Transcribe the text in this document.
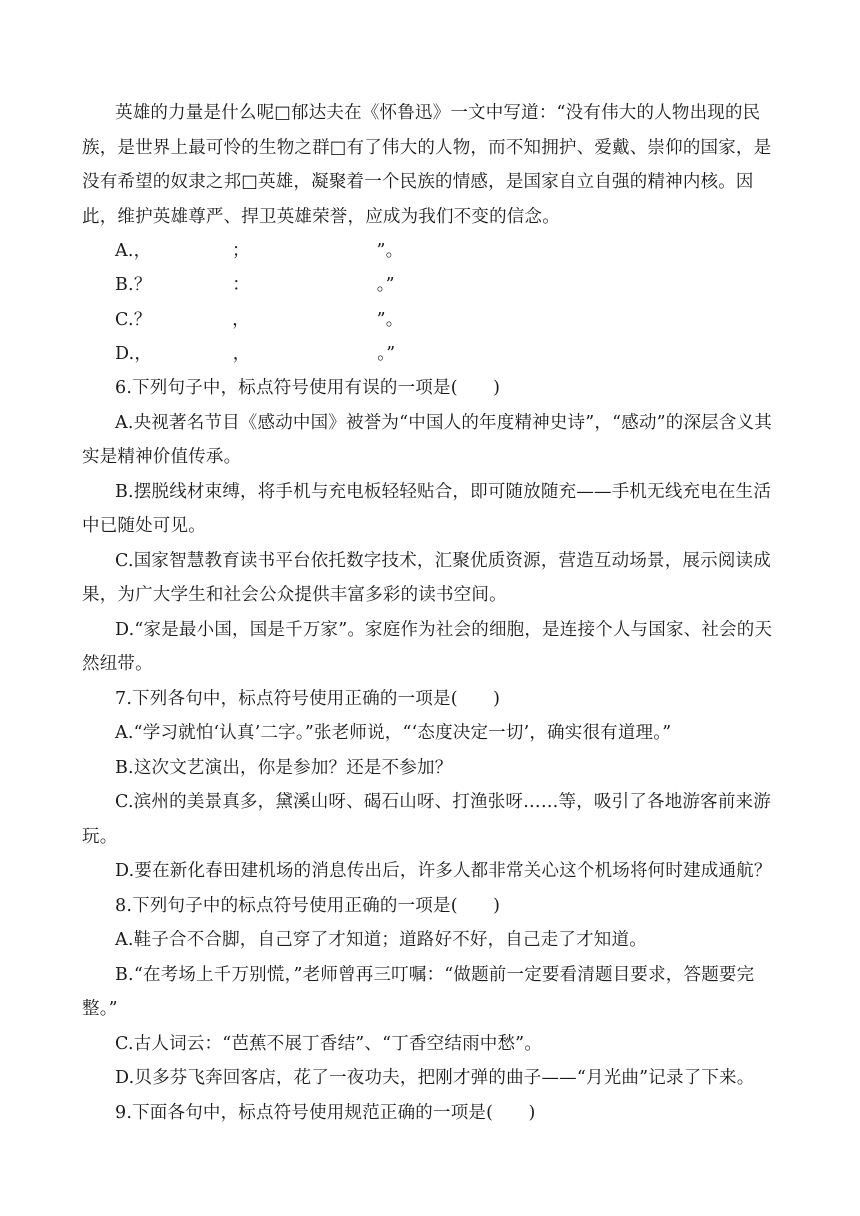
英雄的力量是什么呢□郁达夫在《怀鲁迅》一文中写道：“没有伟大的人物出现的民族，是世界上最可怜的生物之群□有了伟大的人物，而不知拥护、爱戴、崇仰的国家，是没有希望的奴隶之邦□英雄，凝聚着一个民族的情感，是国家自立自强的精神内核。因此，维护英雄尊严、捍卫英雄荣誉，应成为我们不变的信念。

A.，	；	”。
B.？	：	。”
C.？	，	”。
D.，	，	。”

6.下列句子中，标点符号使用有误的一项是(　　)

A.央视著名节目《感动中国》被誉为“中国人的年度精神史诗”，“感动”的深层含义其实是精神价值传承。

B.摆脱线材束缚，将手机与充电板轻轻贴合，即可随放随充——手机无线充电在生活中已随处可见。

C.国家智慧教育读书平台依托数字技术，汇聚优质资源，营造互动场景，展示阅读成果，为广大学生和社会公众提供丰富多彩的读书空间。

D.“家是最小国，国是千万家”。家庭作为社会的细胞，是连接个人与国家、社会的天然纽带。

7.下列各句中，标点符号使用正确的一项是(　　)

A.“学习就怕‘认真’二字。”张老师说，“‘态度决定一切’，确实很有道理。”

B.这次文艺演出，你是参加？还是不参加？

C.滨州的美景真多，黛溪山呀、碣石山呀、打渔张呀……等，吸引了各地游客前来游玩。

D.要在新化春田建机场的消息传出后，许多人都非常关心这个机场将何时建成通航？

8.下列句子中的标点符号使用正确的一项是(　　)

A.鞋子合不合脚，自己穿了才知道；道路好不好，自己走了才知道。

B.“在考场上千万别慌，”老师曾再三叮嘱：“做题前一定要看清题目要求，答题要完整。”

C.古人词云：“芭蕉不展丁香结”、“丁香空结雨中愁”。

D.贝多芬飞奔回客店，花了一夜功夫，把刚才弹的曲子——“月光曲”记录了下来。

9.下面各句中，标点符号使用规范正确的一项是(　　)
